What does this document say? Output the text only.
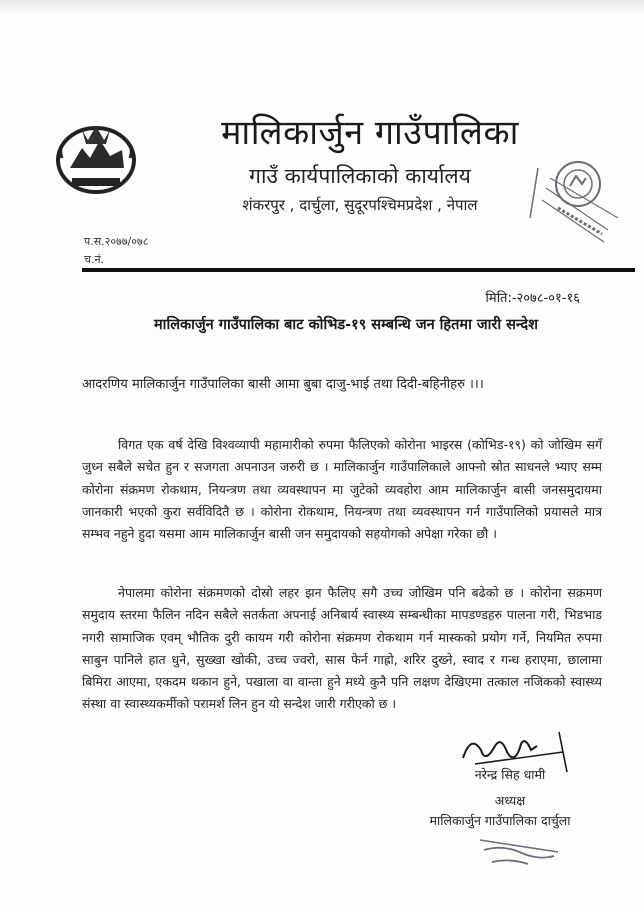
मालिकार्जुन गाउँपालिका
गाउँ कार्यपालिकाको कार्यालय
शंकरपुर , दार्चुला, सुदूरपश्चिमप्रदेश , नेपाल
प.स.२०७७/०७८
च.नं.
मिति:-२०७८-०१-१६
मालिकार्जुन गाउँपालिका बाट कोभिड-१९ सम्बन्धि जन हितमा जारी सन्देश
आदरणिय मालिकार्जुन गाउँपालिका बासी आमा बुबा दाजु-भाई तथा दिदी-बहिनीहरु ।।।

विगत एक वर्ष देखि विश्वव्यापी महामारीको रुपमा फैलिएको कोरोना भाइरस (कोभिड-१९) को जोखिम सगँ जुध्न सबैले सचेत हुन र सजगता अपनाउन जरुरी छ । मालिकार्जुन गाउँपालिकाले आफ्नो स्रोत साधनले भ्याए सम्म कोरोना संक्रमण रोकथाम, नियन्त्रण तथा व्यवस्थापन मा जुटेको व्यवहोरा आम मालिकार्जुन बासी जनसमुदायमा जानकारी भएको कुरा सर्वविदितै छ । कोरोना रोकथाम, नियन्त्रण तथा व्यवस्थापन गर्न गाउँपालिको प्रयासले मात्र सम्भव नहुने हुदा यसमा आम मालिकार्जुन बासी जन समुदायको सहयोगको अपेक्षा गरेका छौ ।

नेपालमा कोरोना संक्रमणको दोस्रो लहर झन फैलिए सगै उच्च जोखिम पनि बढेको छ । कोरोना सक्रमण समुदाय स्तरमा फैलिन नदिन सबैले सतर्कता अपनाई अनिबार्य स्वास्थ्य सम्बन्धीका मापडण्डहरु पालना गरी, भिडभाड नगरी सामाजिक एवम् भौतिक दुरी कायम गरी कोरोना संक्रमण रोकथाम गर्न मास्कको प्रयोग गर्ने, नियमित रुपमा साबुन पानिले हात धुने, सुख्खा खोकी, उच्च ज्वरो, सास फेर्न गाह्रो, शरिर दुख्ने, स्वाद र गन्ध हराएमा, छालामा बिमिरा आएमा, एकदम थकान हुने, पखाला वा वान्ता हुने मध्ये कुनै पनि लक्षण देखिएमा तत्काल नजिकको स्वास्थ्य संस्था वा स्वास्थ्यकर्मीको परामर्श लिन हुन यो सन्देश जारी गरीएको छ ।

नरेन्द्र सिह धामी
अध्यक्ष
मालिकार्जुन गाउँपालिका दार्चुला
